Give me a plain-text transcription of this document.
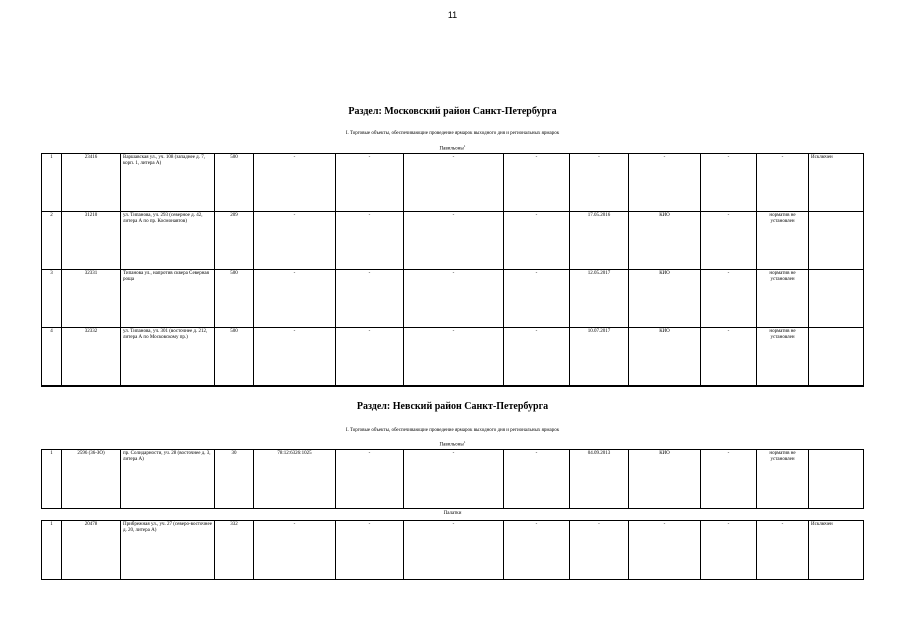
11
Раздел: Московский район Санкт-Петербурга
I. Торговые объекты, обеспечивающие проведение ярмарок выходного дня и региональных ярмарок
Павильоны$^1$
1	23416	Варшавская ул., уч. 108 (западнее д. 7, корп. 1, литера А)	500	-	-	-	-	-	-	-	-	Исключен
2	31210	ул. Типанова, уч. 293 (северное д. 42, литера А по пр. Космонавтов)	209	-	-	-	-	17.05.2016	КИО	-	норматив не установлен	
3	32331	Типанова ул., напротив сквера Северная роща	500	-	-	-	-	12.05.2017	КИО	-	норматив не установлен	
4	32332	ул. Типанова, уч. 301 (восточнее д. 212, литера А по Московскому пр.)	500	-	-	-	-	10.07.2017	КИО	-	норматив не установлен	
Раздел: Невский район Санкт-Петербурга
I. Торговые объекты, обеспечивающие проведение ярмарок выходного дня и региональных ярмарок
Павильоны$^1$
1	2596 (36-ЗО)	пр. Солидарности, уч. 28 (восточнее д. 3, литера А)	30	78:12:6326:1025	-	-	-	04.09.2013	КИО	-	норматив не установлен	
Палатки
1	20478	Прибрежная ул., уч. 27 (северо-восточнее д. 20, литера А)	332	-	-	-	-	-	-	-	-	Исключен
